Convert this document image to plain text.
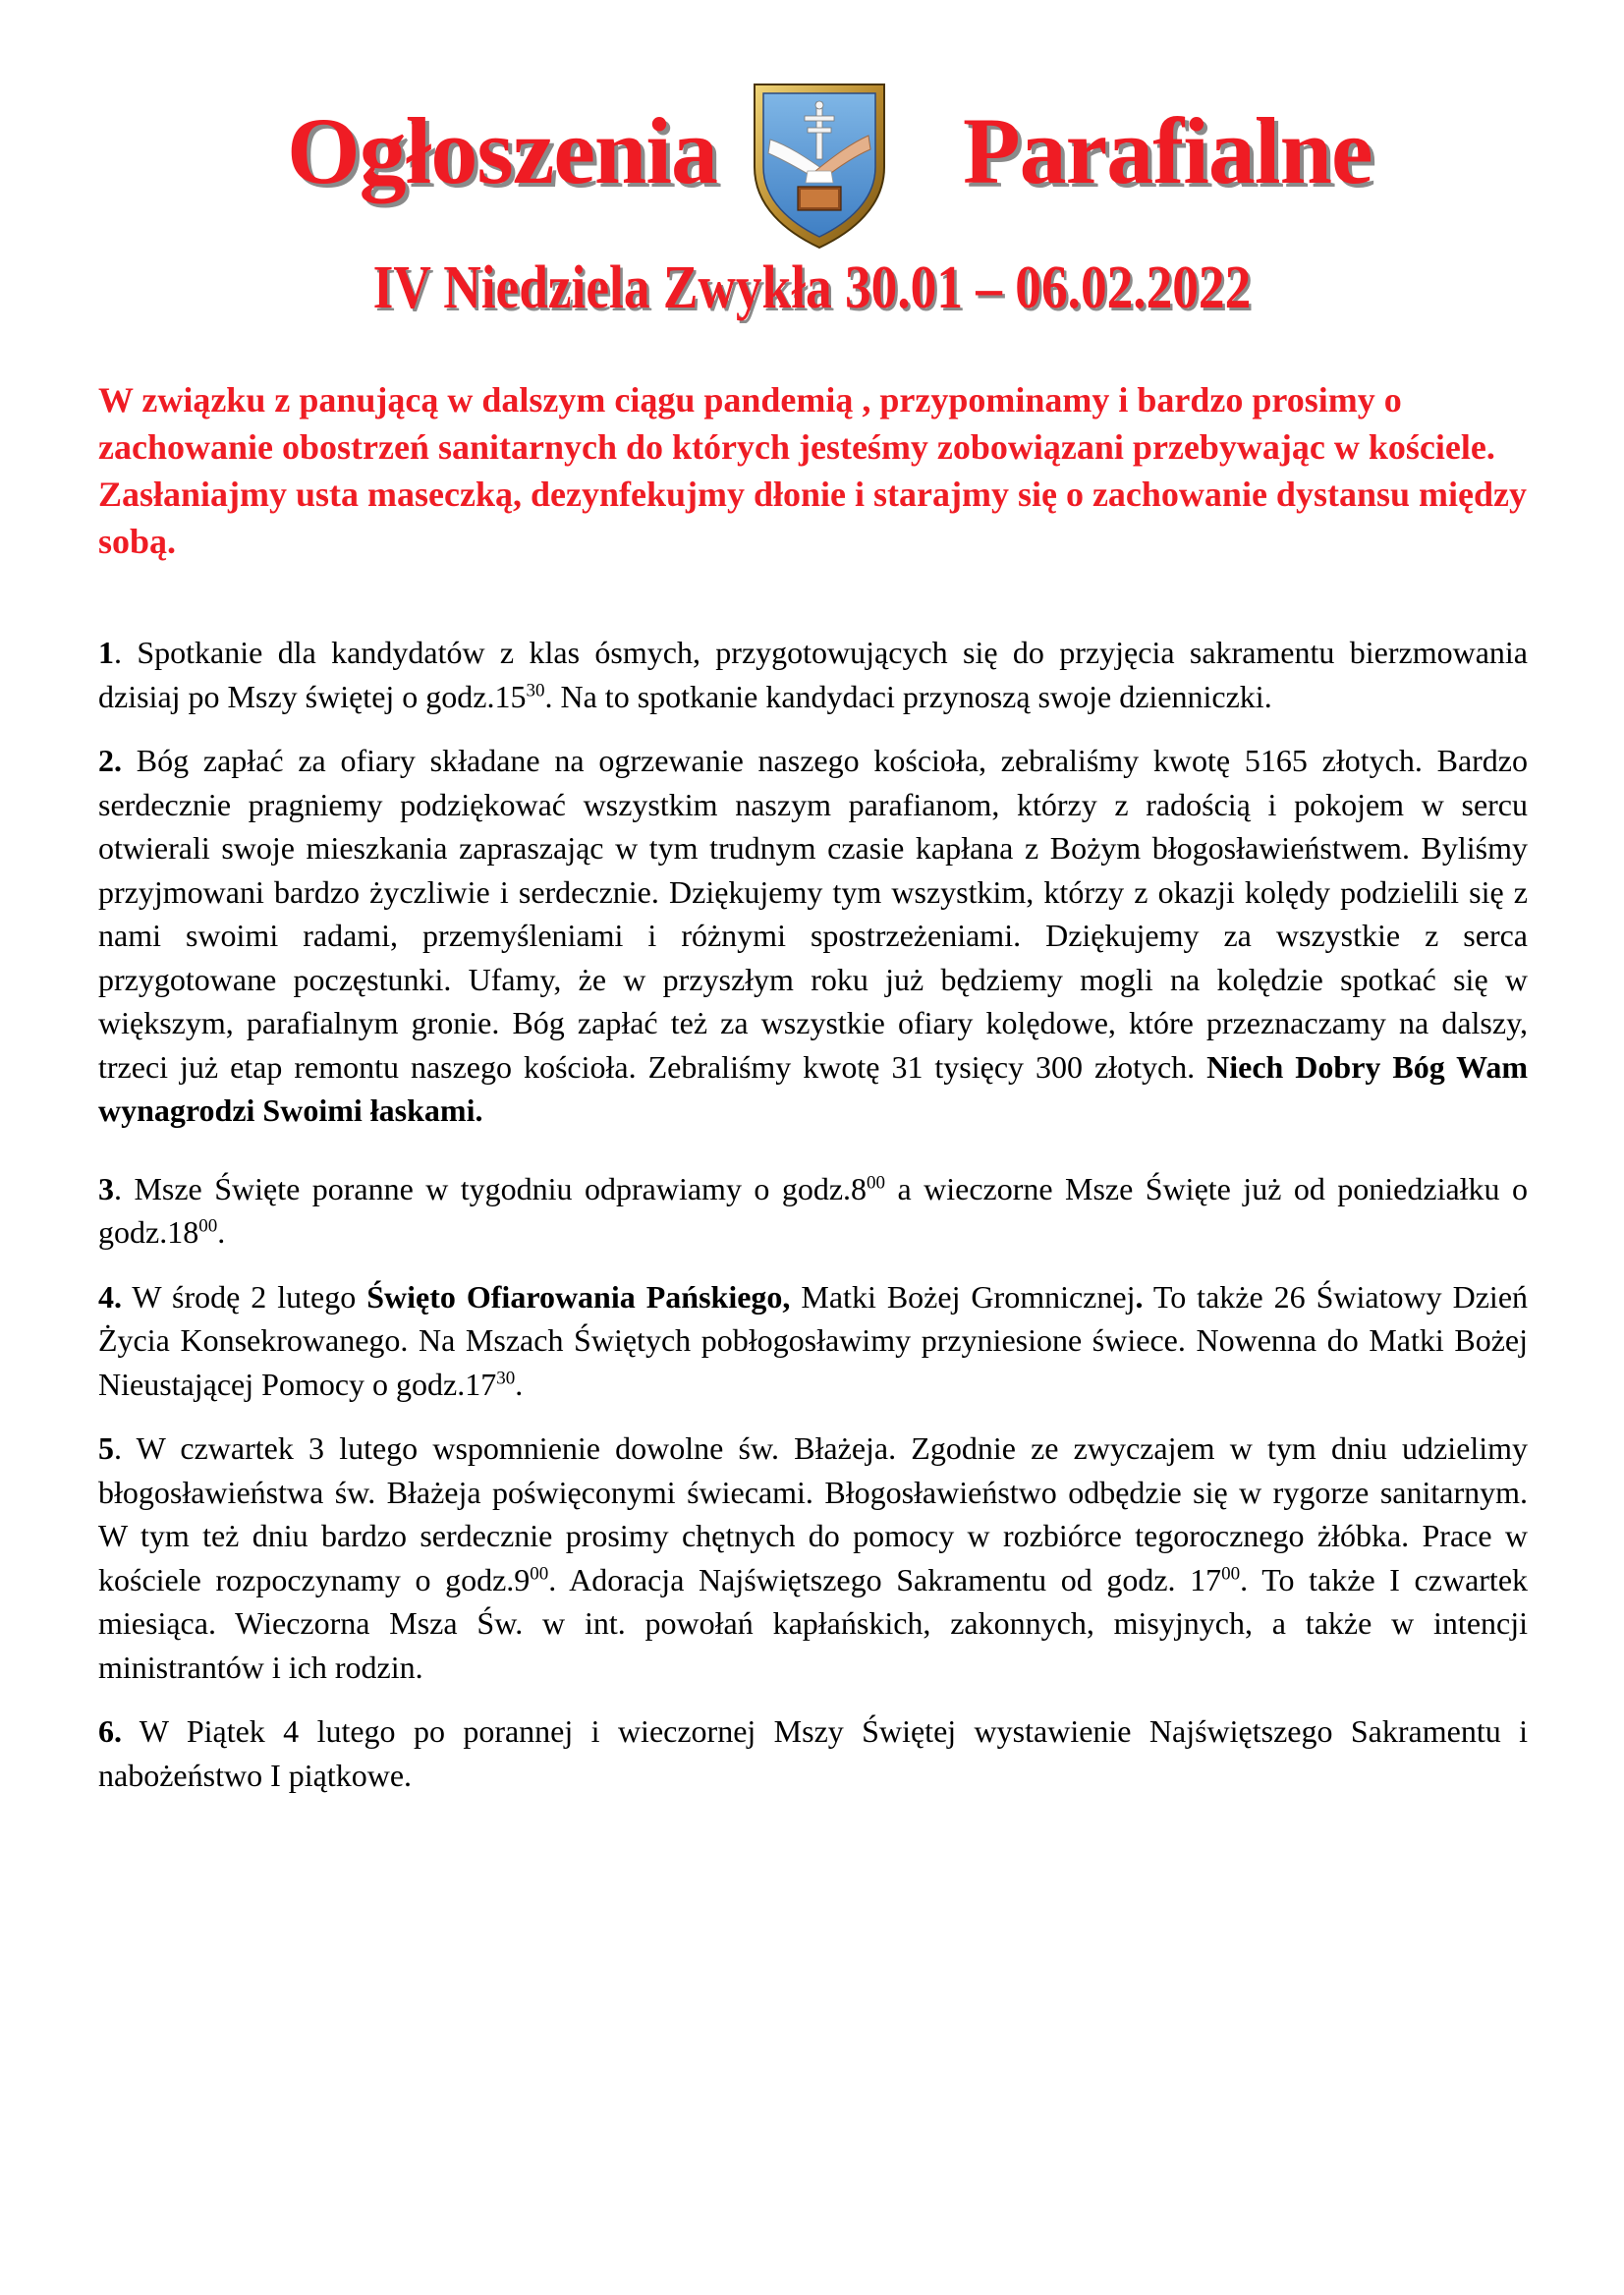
Ogłoszenia	Parafialne
IV Niedziela Zwykła 30.01 – 06.02.2022
W związku z panującą w dalszym ciągu pandemią , przypominamy i bardzo prosimy o zachowanie obostrzeń sanitarnych do których jesteśmy zobowiązani przebywając w kościele. Zasłaniajmy usta maseczką, dezynfekujmy dłonie i starajmy się o zachowanie dystansu między sobą.

1. Spotkanie dla kandydatów z klas ósmych, przygotowujących się do przyjęcia sakramentu bierzmowania dzisiaj po Mszy świętej o $godz.15^{30}$. Na to spotkanie kandydaci przynoszą swoje dzienniczki.

2. Bóg zapłać za ofiary składane na ogrzewanie naszego kościoła, zebraliśmy kwotę 5165 złotych. Bardzo serdecznie pragniemy podziękować wszystkim naszym parafianom, którzy z radością i pokojem w sercu otwierali swoje mieszkania zapraszając w tym trudnym czasie kapłana z Bożym błogosławieństwem. Byliśmy przyjmowani bardzo życzliwie i serdecznie. Dziękujemy tym wszystkim, którzy z okazji kolędy podzielili się z nami swoimi radami, przemyśleniami i różnymi spostrzeżeniami. Dziękujemy za wszystkie z serca przygotowane poczęstunki. Ufamy, że w przyszłym roku już będziemy mogli na kolędzie spotkać się w większym, parafialnym gronie. Bóg zapłać też za wszystkie ofiary kolędowe, które przeznaczamy na dalszy, trzeci już etap remontu naszego kościoła. Zebraliśmy kwotę 31 tysięcy 300 złotych. Niech Dobry Bóg Wam wynagrodzi Swoimi łaskami.

3. Msze Święte poranne w tygodniu odprawiamy o $godz.8^{00}$ a wieczorne Msze Święte już od poniedziałku o $godz.18^{00}$.

4. W środę 2 lutego Święto Ofiarowania Pańskiego, Matki Bożej Gromnicznej. To także 26 Światowy Dzień Życia Konsekrowanego. Na Mszach Świętych pobłogosławimy przyniesione świece. Nowenna do Matki Bożej Nieustającej Pomocy o $godz.17^{30}$.

5. W czwartek 3 lutego wspomnienie dowolne św. Błażeja. Zgodnie ze zwyczajem w tym dniu udzielimy błogosławieństwa św. Błażeja poświęconymi świecami. Błogosławieństwo odbędzie się w rygorze sanitarnym. W tym też dniu bardzo serdecznie prosimy chętnych do pomocy w rozbiórce tegorocznego żłóbka. Prace w kościele rozpoczynamy o $godz.9^{00}$. Adoracja Najświętszego Sakramentu od godz. $17^{00}$. To także I czwartek miesiąca. Wieczorna Msza Św. w int. powołań kapłańskich, zakonnych, misyjnych, a także w intencji ministrantów i ich rodzin.

6. W Piątek 4 lutego po porannej i wieczornej Mszy Świętej wystawienie Najświętszego Sakramentu i nabożeństwo I piątkowe.
